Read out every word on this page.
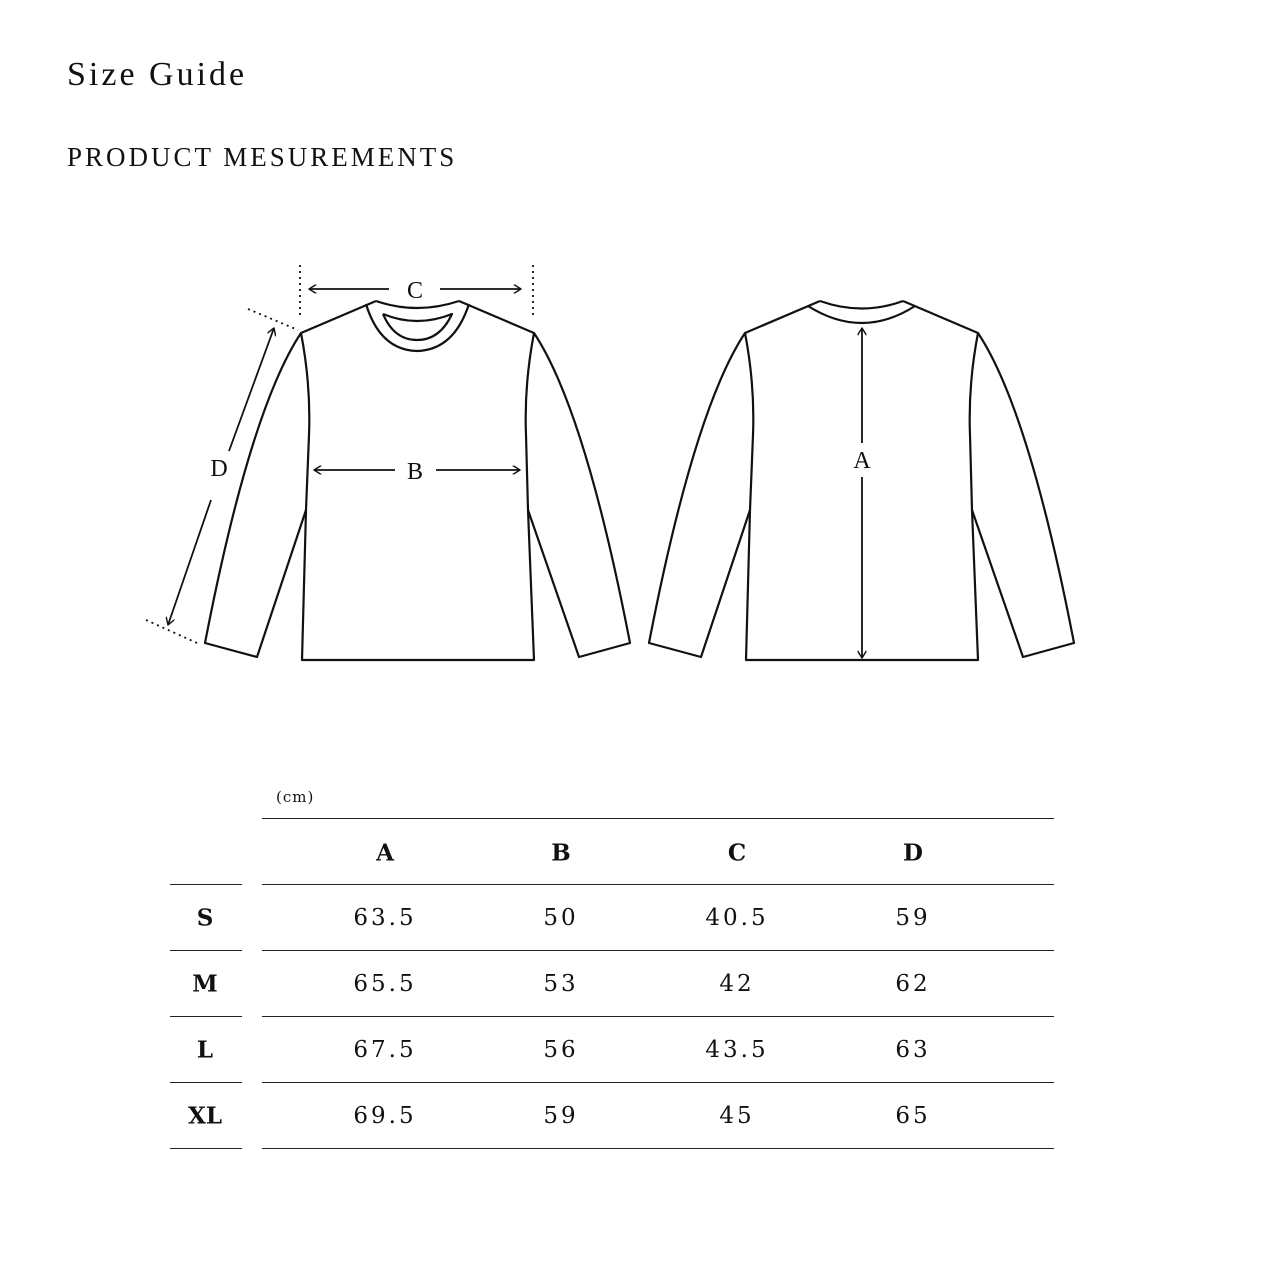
Size Guide
PRODUCT MESUREMENTS
C
B
D	A
(cm)
A	B	C	D
S	63.5	50	40.5	59
M	65.5	53	42	62
L	67.5	56	43.5	63
XL	69.5	59	45	65
